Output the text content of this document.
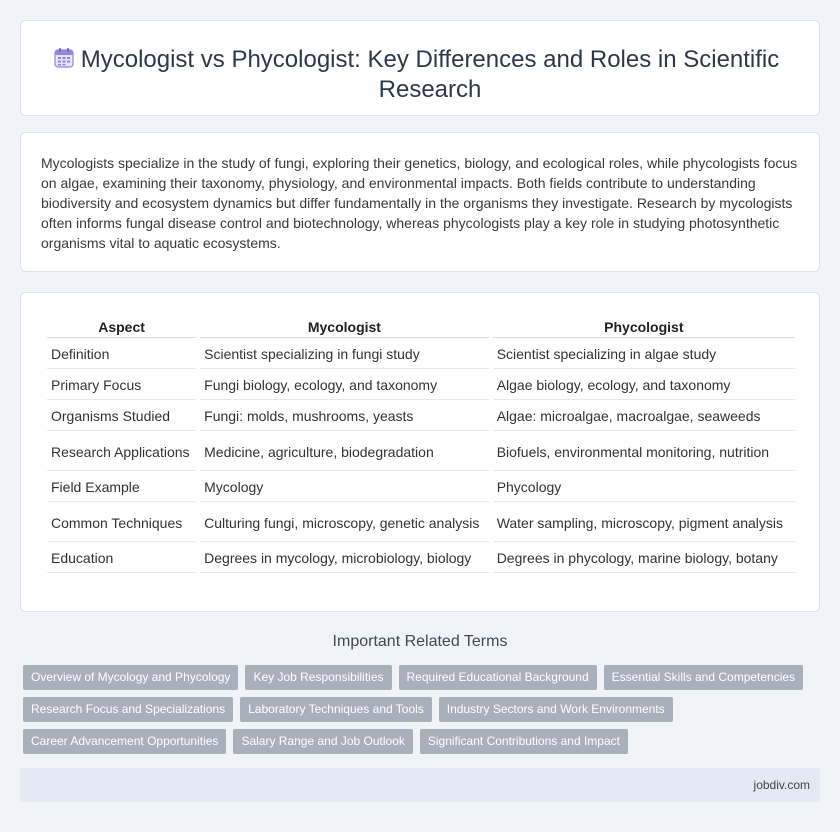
Mycologist vs Phycologist: Key Differences and Roles in Scientific Research

Mycologists specialize in the study of fungi, exploring their genetics, biology, and ecological roles, while phycologists focus on algae, examining their taxonomy, physiology, and environmental impacts. Both fields contribute to understanding biodiversity and ecosystem dynamics but differ fundamentally in the organisms they investigate. Research by mycologists often informs fungal disease control and biotechnology, whereas phycologists play a key role in studying photosynthetic organisms vital to aquatic ecosystems.

Aspect	Mycologist	Phycologist
Definition	Scientist specializing in fungi study	Scientist specializing in algae study
Primary Focus	Fungi biology, ecology, and taxonomy	Algae biology, ecology, and taxonomy
Organisms Studied	Fungi: molds, mushrooms, yeasts	Algae: microalgae, macroalgae, seaweeds
Research Applications	Medicine, agriculture, biodegradation	Biofuels, environmental monitoring, nutrition
Field Example	Mycology	Phycology
Common Techniques	Culturing fungi, microscopy, genetic analysis	Water sampling, microscopy, pigment analysis
Education	Degrees in mycology, microbiology, biology	Degrees in phycology, marine biology, botany
Important Related Terms
Overview of Mycology and Phycology	Key Job Responsibilities	Required Educational Background	Essential Skills and Competencies
Research Focus and Specializations	Laboratory Techniques and Tools	Industry Sectors and Work Environments
Career Advancement Opportunities	Salary Range and Job Outlook	Significant Contributions and Impact
jobdiv.com
